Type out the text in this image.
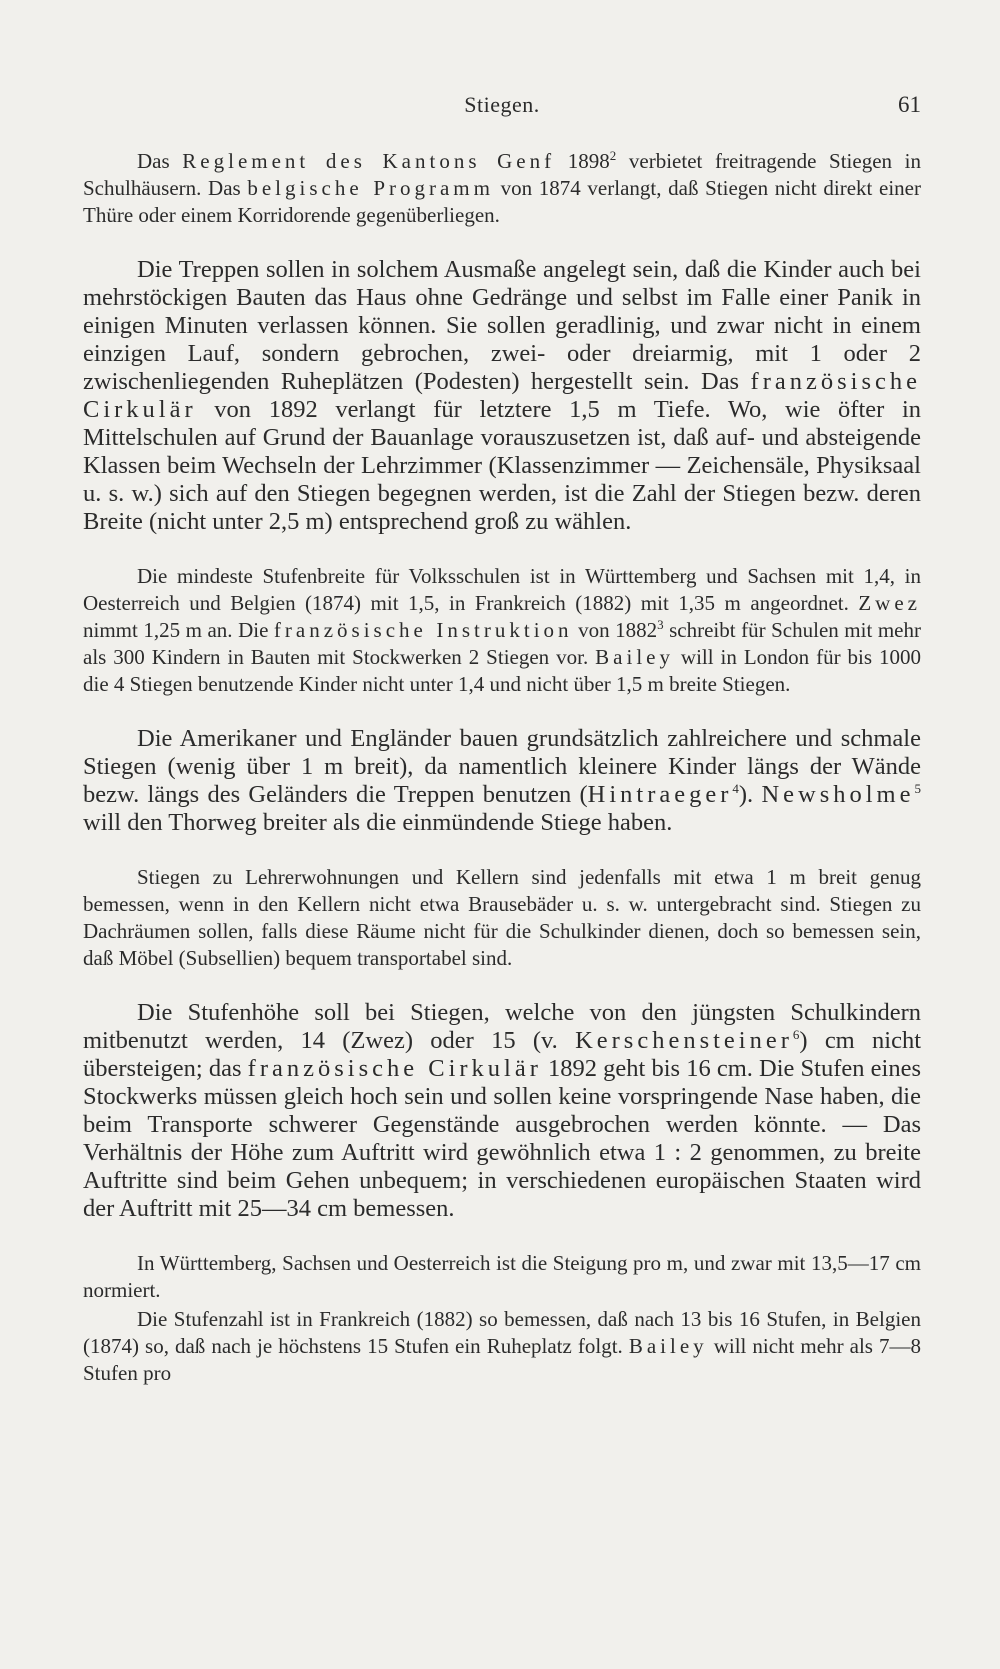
Stiegen.	61

Das Reglement des Kantons Genf 1898$^2$ verbietet freitragende Stiegen in Schulhäusern. Das belgische Programm von 1874 verlangt, daß Stiegen nicht direkt einer Thüre oder einem Korridorende gegenüberliegen.

Die Treppen sollen in solchem Ausmaße angelegt sein, daß die Kinder auch bei mehrstöckigen Bauten das Haus ohne Gedränge und selbst im Falle einer Panik in einigen Minuten verlassen können. Sie sollen geradlinig, und zwar nicht in einem einzigen Lauf, sondern gebrochen, zwei- oder dreiarmig, mit 1 oder 2 zwischenliegenden Ruheplätzen (Podesten) hergestellt sein. Das französische Cirkulär von 1892 verlangt für letztere 1,5 m Tiefe. Wo, wie öfter in Mittelschulen auf Grund der Bauanlage vorauszusetzen ist, daß auf- und absteigende Klassen beim Wechseln der Lehrzimmer (Klassenzimmer — Zeichensäle, Physiksaal u. s. w.) sich auf den Stiegen begegnen werden, ist die Zahl der Stiegen bezw. deren Breite (nicht unter 2,5 m) entsprechend groß zu wählen.

Die mindeste Stufenbreite für Volksschulen ist in Württemberg und Sachsen mit 1,4, in Oesterreich und Belgien (1874) mit 1,5, in Frankreich (1882) mit 1,35 m angeordnet. Zwez nimmt 1,25 m an. Die französische Instruktion von 1882$^3$ schreibt für Schulen mit mehr als 300 Kindern in Bauten mit Stockwerken 2 Stiegen vor. Bailey will in London für bis 1000 die 4 Stiegen benutzende Kinder nicht unter 1,4 und nicht über 1,5 m breite Stiegen.

Die Amerikaner und Engländer bauen grundsätzlich zahlreichere und schmale Stiegen (wenig über 1 m breit), da namentlich kleinere Kinder längs der Wände bezw. längs des Geländers die Treppen benutzen (Hintraeger$^4$). Newsholme$^5$ will den Thorweg breiter als die einmündende Stiege haben.

Stiegen zu Lehrerwohnungen und Kellern sind jedenfalls mit etwa 1 m breit genug bemessen, wenn in den Kellern nicht etwa Brausebäder u. s. w. untergebracht sind. Stiegen zu Dachräumen sollen, falls diese Räume nicht für die Schulkinder dienen, doch so bemessen sein, daß Möbel (Subsellien) bequem transportabel sind.

Die Stufenhöhe soll bei Stiegen, welche von den jüngsten Schulkindern mitbenutzt werden, 14 (Zwez) oder 15 (v. Kerschensteiner$^6$) cm nicht übersteigen; das französische Cirkulär 1892 geht bis 16 cm. Die Stufen eines Stockwerks müssen gleich hoch sein und sollen keine vorspringende Nase haben, die beim Transporte schwerer Gegenstände ausgebrochen werden könnte. — Das Verhältnis der Höhe zum Auftritt wird gewöhnlich etwa 1 : 2 genommen, zu breite Auftritte sind beim Gehen unbequem; in verschiedenen europäischen Staaten wird der Auftritt mit 25—34 cm bemessen.

In Württemberg, Sachsen und Oesterreich ist die Steigung pro m, und zwar mit 13,5—17 cm normiert.

Die Stufenzahl ist in Frankreich (1882) so bemessen, daß nach 13 bis 16 Stufen, in Belgien (1874) so, daß nach je höchstens 15 Stufen ein Ruheplatz folgt. Bailey will nicht mehr als 7—8 Stufen pro
